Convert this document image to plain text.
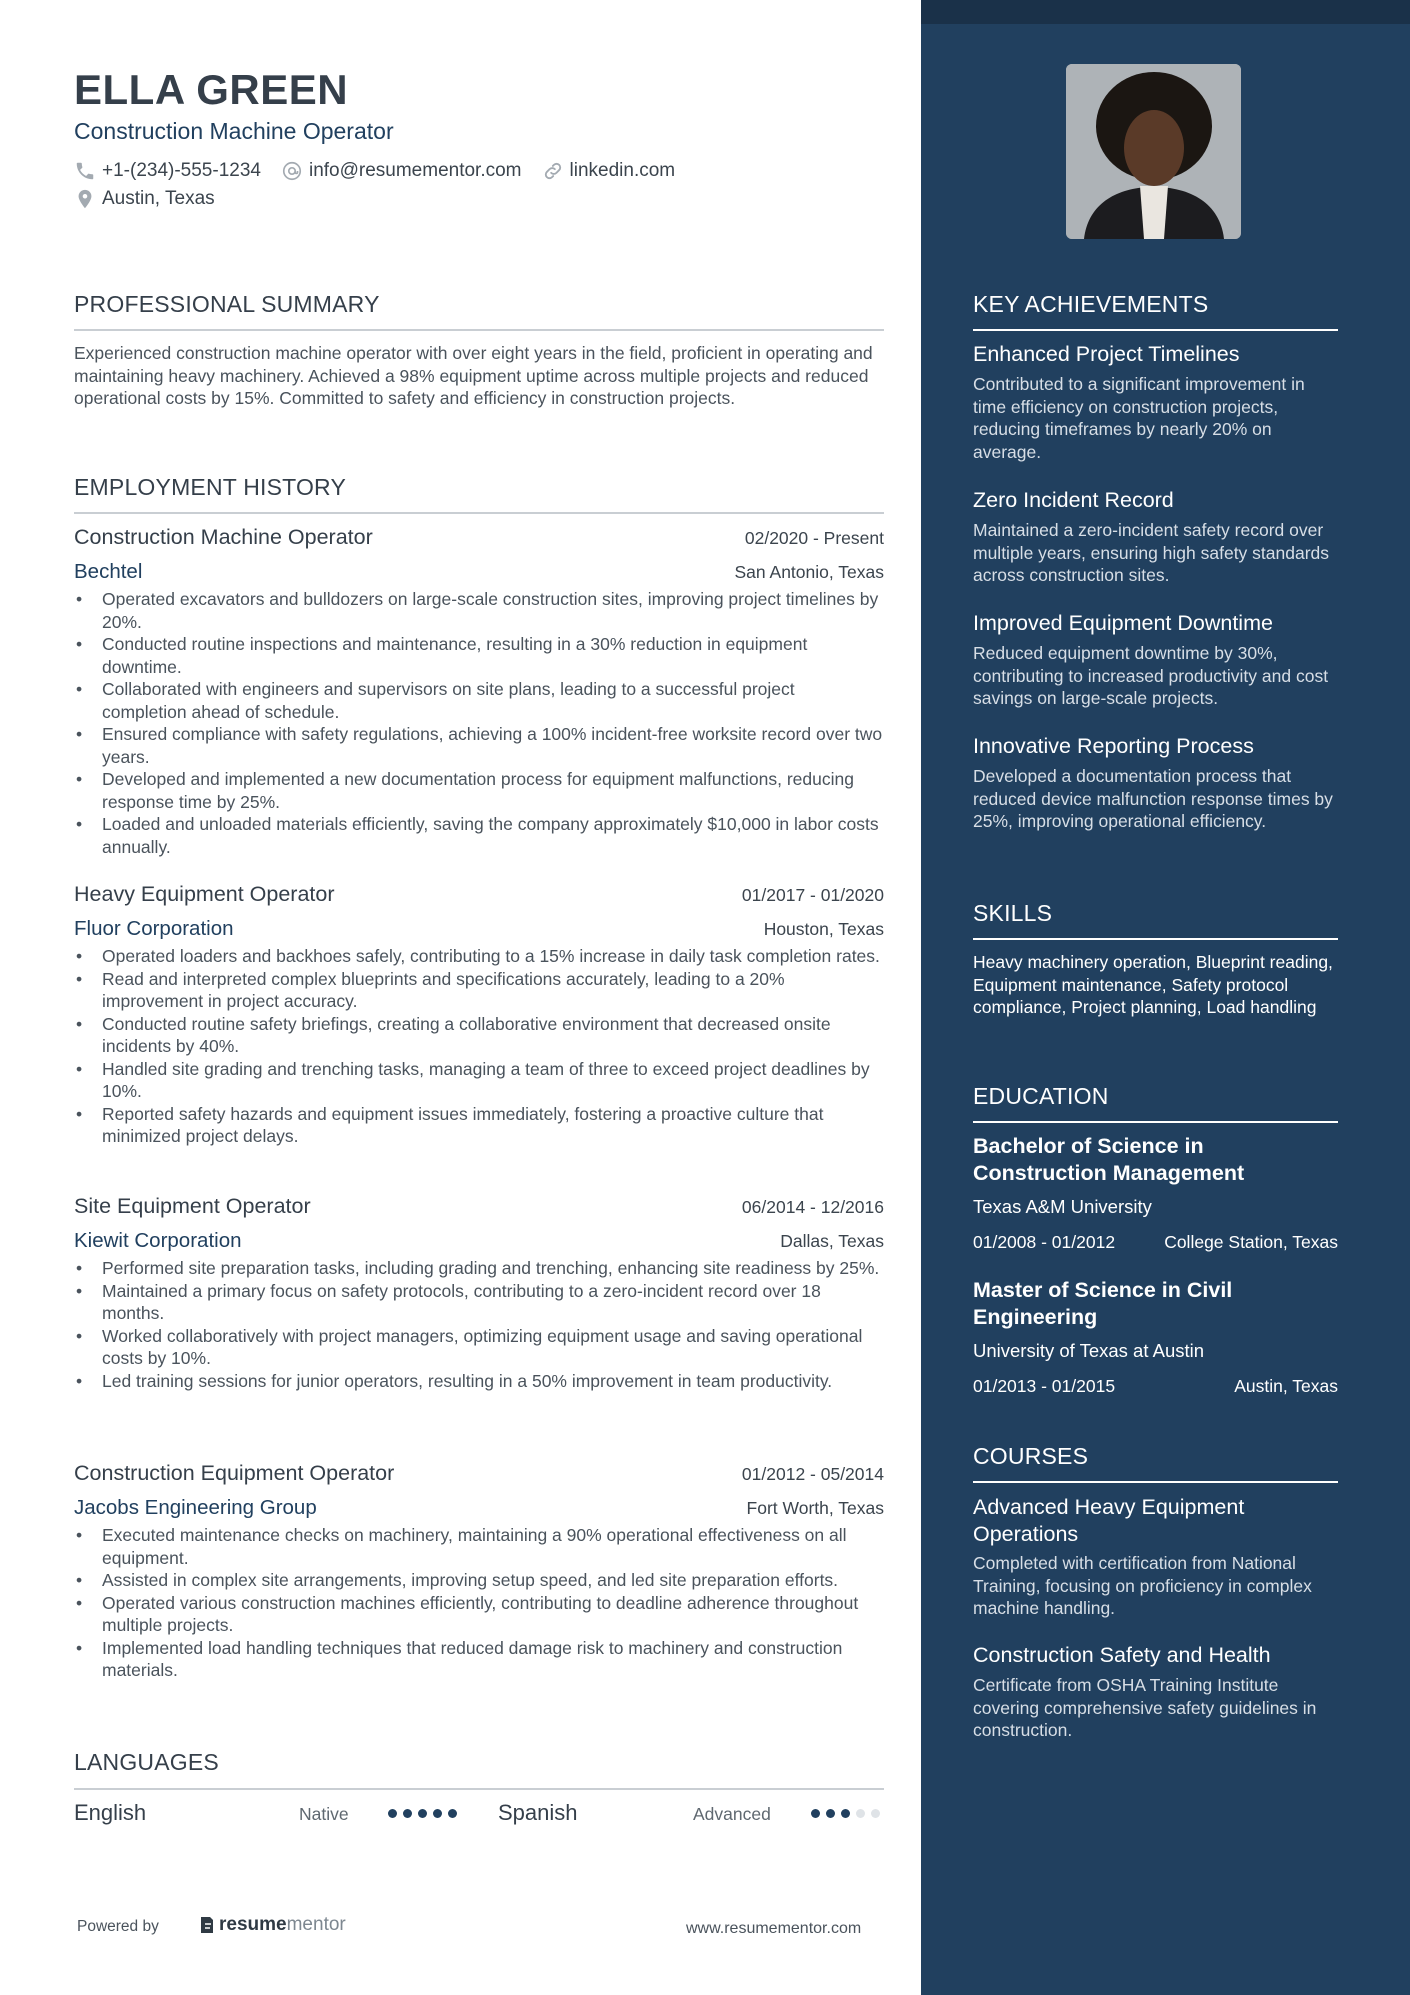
ELLA GREEN
Construction Machine Operator
+1-(234)-555-1234	info@resumementor.com	linkedin.com
Austin, Texas
PROFESSIONAL SUMMARY
Experienced construction machine operator with over eight years in the field, proficient in operating and maintaining heavy machinery. Achieved a 98% equipment uptime across multiple projects and reduced operational costs by 15%. Committed to safety and efficiency in construction projects.
EMPLOYMENT HISTORY
Construction Machine Operator	02/2020 - Present
Bechtel	San Antonio, Texas
• Operated excavators and bulldozers on large-scale construction sites, improving project timelines by 20%.
• Conducted routine inspections and maintenance, resulting in a 30% reduction in equipment downtime.
• Collaborated with engineers and supervisors on site plans, leading to a successful project completion ahead of schedule.
• Ensured compliance with safety regulations, achieving a 100% incident-free worksite record over two years.
• Developed and implemented a new documentation process for equipment malfunctions, reducing response time by 25%.
• Loaded and unloaded materials efficiently, saving the company approximately $10,000 in labor costs annually.
Heavy Equipment Operator	01/2017 - 01/2020
Fluor Corporation	Houston, Texas
• Operated loaders and backhoes safely, contributing to a 15% increase in daily task completion rates.
• Read and interpreted complex blueprints and specifications accurately, leading to a 20% improvement in project accuracy.
• Conducted routine safety briefings, creating a collaborative environment that decreased onsite incidents by 40%.
• Handled site grading and trenching tasks, managing a team of three to exceed project deadlines by 10%.
• Reported safety hazards and equipment issues immediately, fostering a proactive culture that minimized project delays.
Site Equipment Operator	06/2014 - 12/2016
Kiewit Corporation	Dallas, Texas
• Performed site preparation tasks, including grading and trenching, enhancing site readiness by 25%.
• Maintained a primary focus on safety protocols, contributing to a zero-incident record over 18 months.
• Worked collaboratively with project managers, optimizing equipment usage and saving operational costs by 10%.
• Led training sessions for junior operators, resulting in a 50% improvement in team productivity.
Construction Equipment Operator	01/2012 - 05/2014
Jacobs Engineering Group	Fort Worth, Texas
• Executed maintenance checks on machinery, maintaining a 90% operational effectiveness on all equipment.
• Assisted in complex site arrangements, improving setup speed, and led site preparation efforts.
• Operated various construction machines efficiently, contributing to deadline adherence throughout multiple projects.
• Implemented load handling techniques that reduced damage risk to machinery and construction materials.
LANGUAGES
English	Native	Spanish	Advanced
Powered by	resume mentor	www.resumementor.com
KEY ACHIEVEMENTS
Enhanced Project Timelines
Contributed to a significant improvement in time efficiency on construction projects, reducing timeframes by nearly 20% on average.
Zero Incident Record
Maintained a zero-incident safety record over multiple years, ensuring high safety standards across construction sites.
Improved Equipment Downtime
Reduced equipment downtime by 30%, contributing to increased productivity and cost savings on large-scale projects.
Innovative Reporting Process
Developed a documentation process that reduced device malfunction response times by 25%, improving operational efficiency.
SKILLS
Heavy machinery operation, Blueprint reading, Equipment maintenance, Safety protocol compliance, Project planning, Load handling
EDUCATION
Bachelor of Science in Construction Management
Texas A&M University
01/2008 - 01/2012	College Station, Texas
Master of Science in Civil Engineering
University of Texas at Austin
01/2013 - 01/2015	Austin, Texas
COURSES
Advanced Heavy Equipment Operations
Completed with certification from National Training, focusing on proficiency in complex machine handling.
Construction Safety and Health
Certificate from OSHA Training Institute covering comprehensive safety guidelines in construction.
